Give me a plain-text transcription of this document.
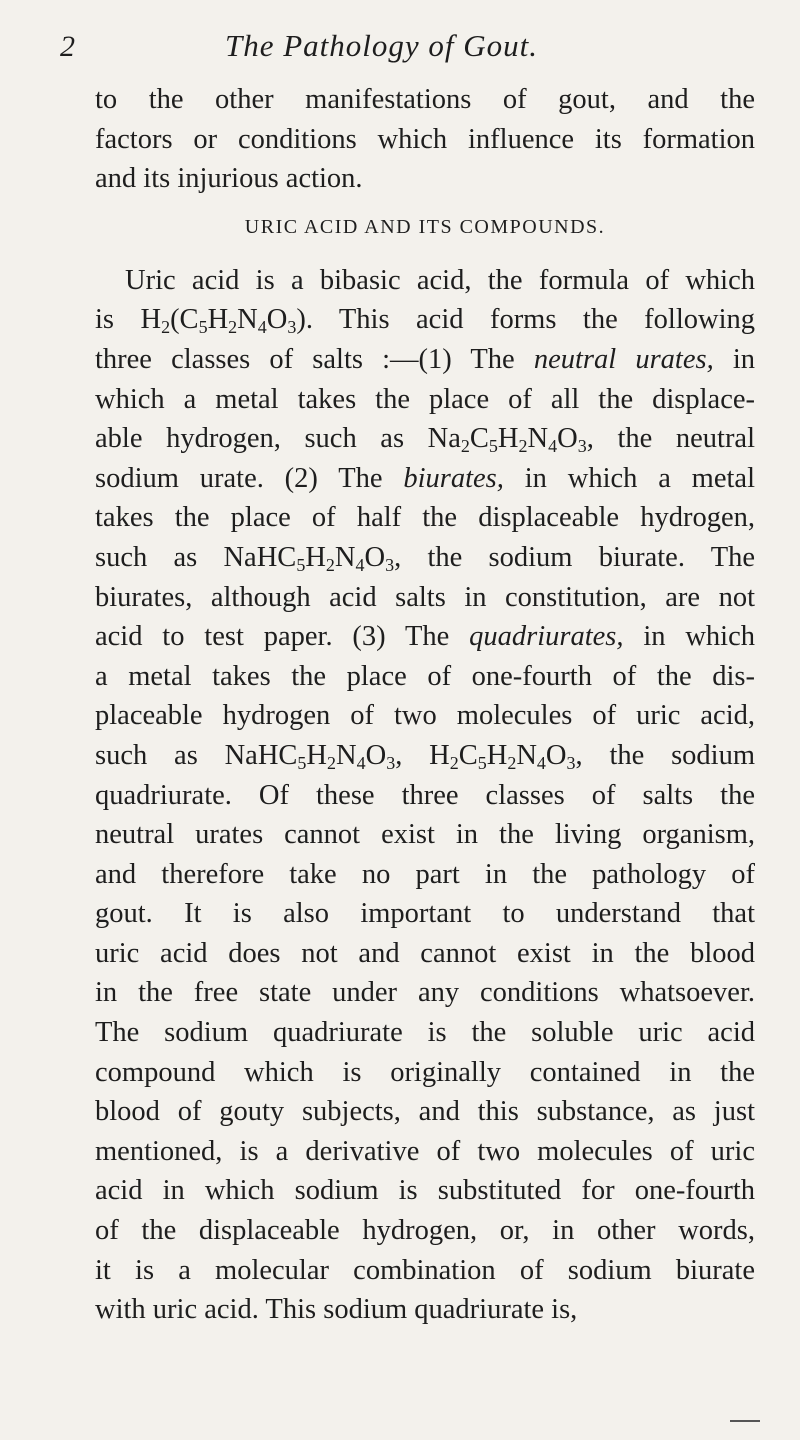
2	The Pathology of Gout.
to the other manifestations of gout, and the
factors or conditions which influence its formation
and its injurious action.
URIC ACID AND ITS COMPOUNDS.
Uric acid is a bibasic acid, the formula of which
is $H_2(C_5H_2N_4O_3)$. This acid forms the following
three classes of salts :—(1) The neutral urates, in
which a metal takes the place of all the displace-
able hydrogen, such as $Na_2C_5H_2N_4O_3$, the neutral
sodium urate. (2) The biurates, in which a metal
takes the place of half the displaceable hydrogen,
such as $NaHC_5H_2N_4O_3$, the sodium biurate. The
biurates, although acid salts in constitution, are not
acid to test paper. (3) The quadriurates, in which
a metal takes the place of one-fourth of the dis-
placeable hydrogen of two molecules of uric acid,
such as $NaHC_5H_2N_4O_3$, $H_2C_5H_2N_4O_3$, the sodium
quadriurate. Of these three classes of salts the
neutral urates cannot exist in the living organism,
and therefore take no part in the pathology of
gout. It is also important to understand that
uric acid does not and cannot exist in the blood
in the free state under any conditions whatsoever.
The sodium quadriurate is the soluble uric acid
compound which is originally contained in the
blood of gouty subjects, and this substance, as just
mentioned, is a derivative of two molecules of uric
acid in which sodium is substituted for one-fourth
of the displaceable hydrogen, or, in other words,
it is a molecular combination of sodium biurate
with uric acid. This sodium quadriurate is,
